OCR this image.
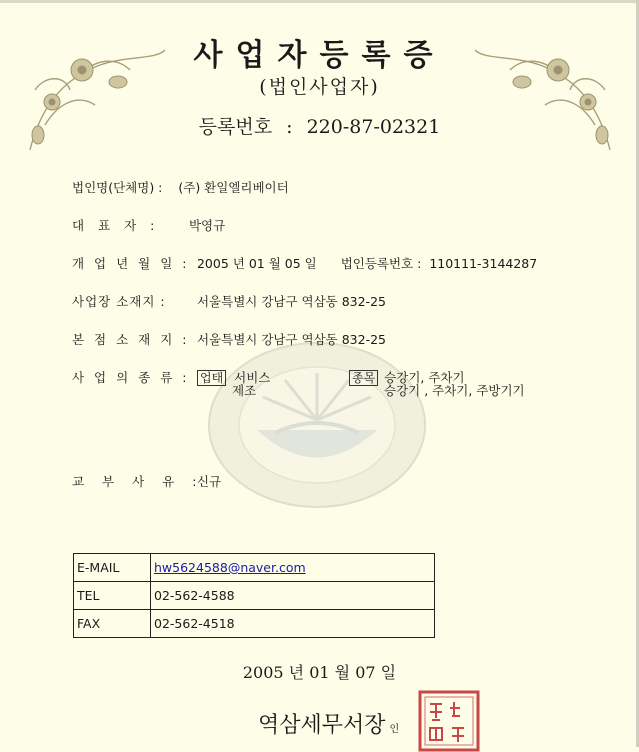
사업자등록증
(법인사업자)
등록번호 : 220-87-02321
법인명(단체명) : (주) 환일엘리베이터
대 표 자 : 박영규
개 업 년 월 일 : 2005 년 01 월 05 일 법인등록번호 : 110111-3144287
사업장 소재지 :	서울특별시 강남구 역삼동 832-25
본 점 소 재 지 : 서울특별시 강남구 역삼동 832-25
사 업 의 종 류 : 업태 서비스
제조
종목 승강기, 주차기
승강기 , 주차기, 주방기기
교 부 사 유 : 신규
E-MAIL	hw5624588@naver.com
TEL	02-562-4588
FAX	02-562-4518
2005 년 01 월 07 일
역삼세무서장 인
